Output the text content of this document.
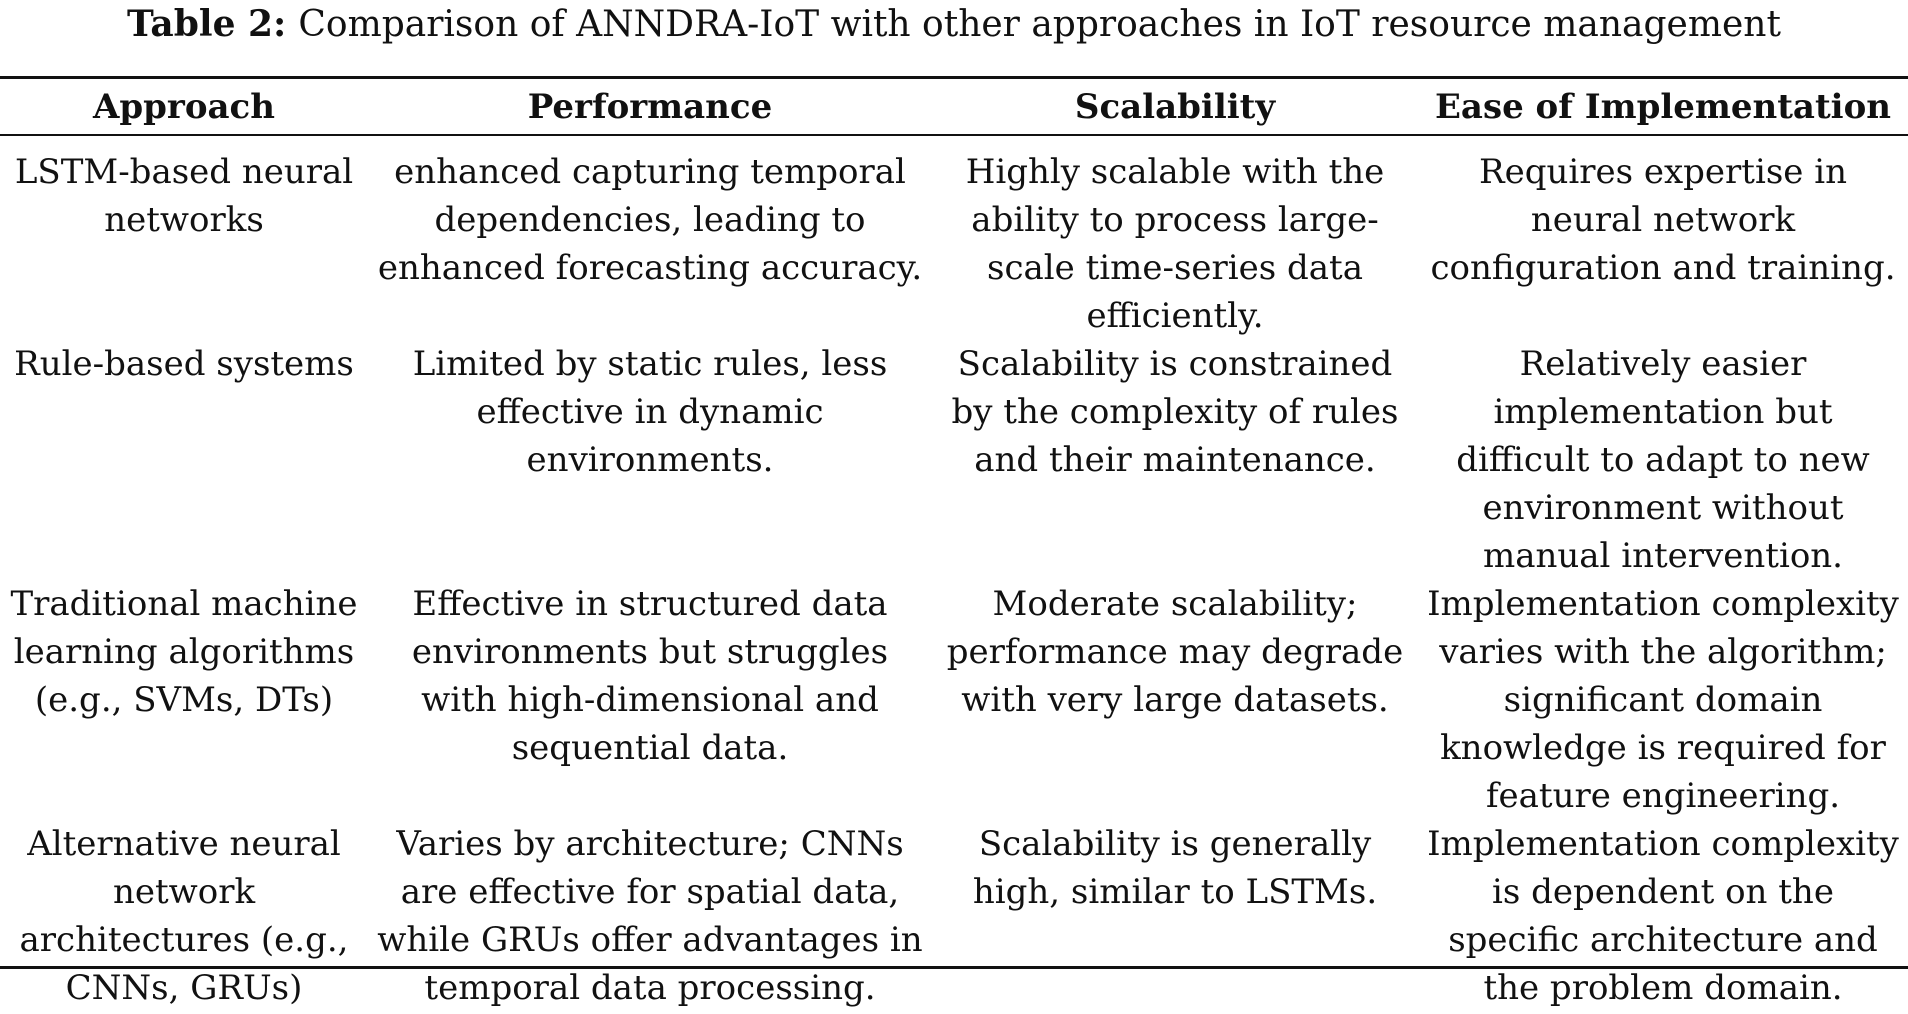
Table 2: Comparison of ANNDRA-IoT with other approaches in IoT resource management
Approach	Performance	Scalability	Ease of Implementation
LSTM-based neural networks	enhanced capturing temporal dependencies, leading to enhanced forecasting accuracy.	Highly scalable with the ability to process large-scale time-series data efficiently.	Requires expertise in neural network configuration and training.
Rule-based systems	Limited by static rules, less effective in dynamic environments.	Scalability is constrained by the complexity of rules and their maintenance.	Relatively easier implementation but difficult to adapt to new environment without manual intervention.
Traditional machine learning algorithms (e.g., SVMs, DTs)	Effective in structured data environments but struggles with high-dimensional and sequential data.	Moderate scalability; performance may degrade with very large datasets.	Implementation complexity varies with the algorithm; significant domain knowledge is required for feature engineering.
Alternative neural network architectures (e.g., CNNs, GRUs)	Varies by architecture; CNNs are effective for spatial data, while GRUs offer advantages in temporal data processing.	Scalability is generally high, similar to LSTMs.	Implementation complexity is dependent on the specific architecture and the problem domain.
